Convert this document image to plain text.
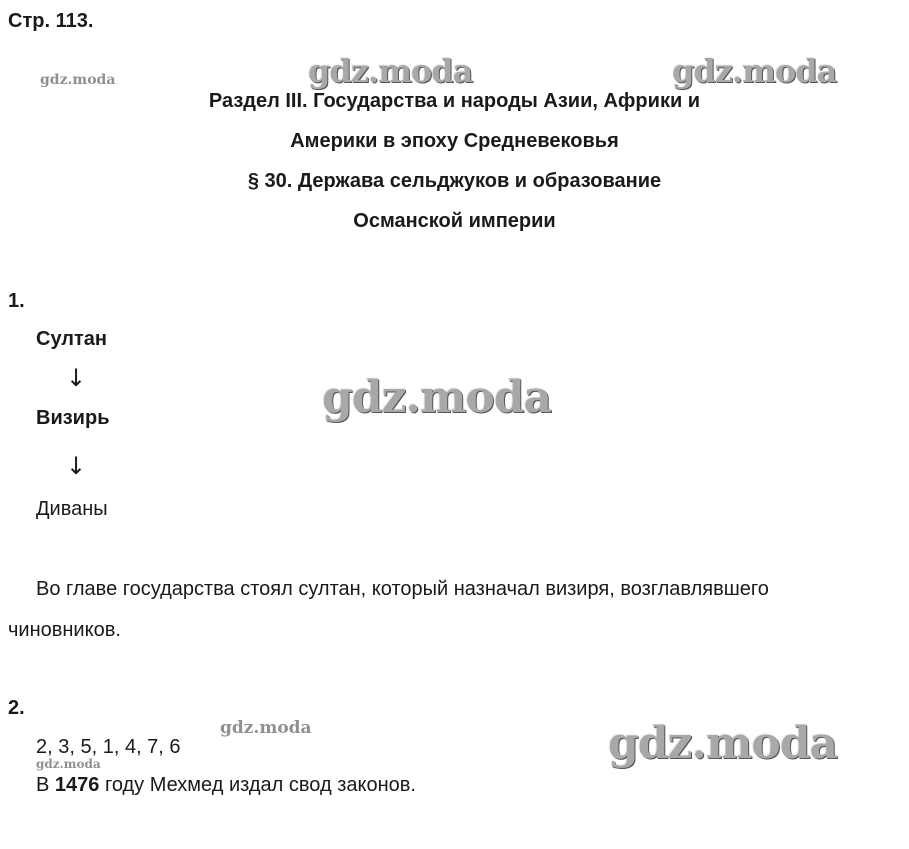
Стр. 113.
gdz.moda	gdz.moda	gdz.moda
Раздел III. Государства и народы Азии, Африки и
Америки в эпоху Средневековья
§ 30. Держава сельджуков и образование
Османской империи
1.
Султан
↓
Визирь
↓
Диваны
gdz.moda
Во главе государства стоял султан, который назначал визиря, возглавлявшего
чиновников.
2.
gdz.moda	gdz.moda
2, 3, 5, 1, 4, 7, 6
gdz.moda
В 1476 году Мехмед издал свод законов.
